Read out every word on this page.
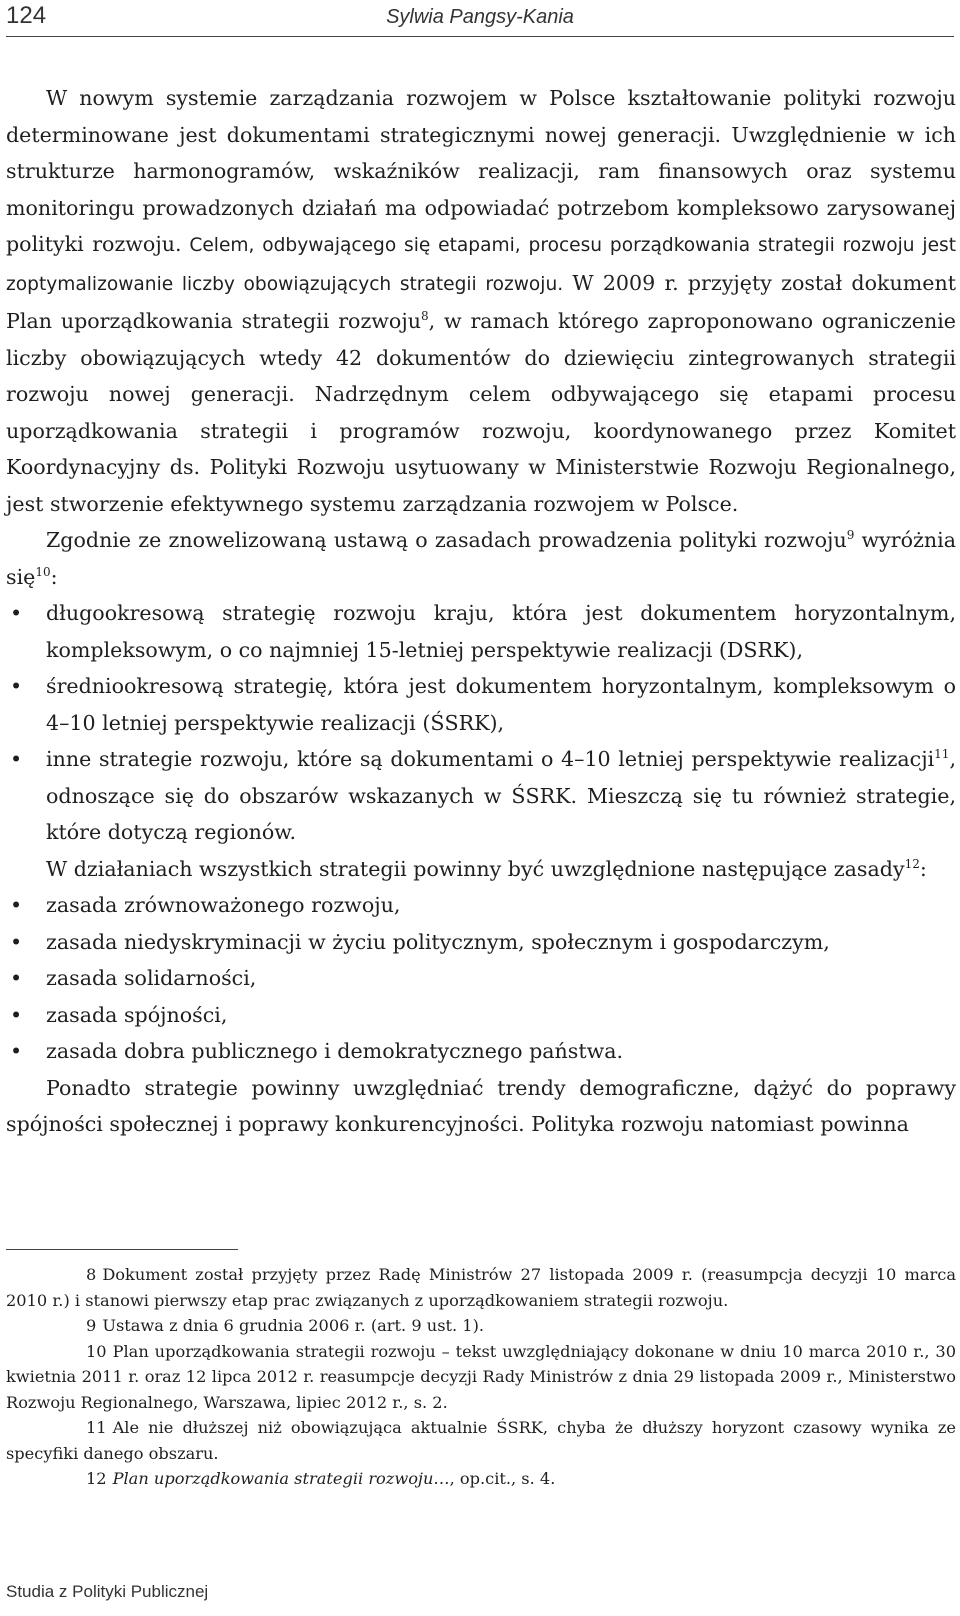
124	Sylwia Pangsy-Kania

W nowym systemie zarządzania rozwojem w Polsce kształtowanie polityki rozwoju determinowane jest dokumentami strategicznymi nowej generacji. Uwzględnienie w ich strukturze harmonogramów, wskaźników realizacji, ram finansowych oraz systemu monitoringu prowadzonych działań ma odpowiadać potrzebom kompleksowo zarysowanej polityki rozwoju. Celem, odbywającego się etapami, procesu porządkowania strategii rozwoju jest zoptymalizowanie liczby obowiązujących strategii rozwoju. W 2009 r. przyjęty został dokument Plan uporządkowania strategii rozwoju$^8$, w ramach którego zaproponowano ograniczenie liczby obowiązujących wtedy 42 dokumentów do dziewięciu zintegrowanych strategii rozwoju nowej generacji. Nadrzędnym celem odbywającego się etapami procesu uporządkowania strategii i programów rozwoju, koordynowanego przez Komitet Koordynacyjny ds. Polityki Rozwoju usytuowany w Ministerstwie Rozwoju Regionalnego, jest stworzenie efektywnego systemu zarządzania rozwojem w Polsce.

Zgodnie ze znowelizowaną ustawą o zasadach prowadzenia polityki rozwoju$^9$ wyróżnia się$^{10}$:

• długookresową strategię rozwoju kraju, która jest dokumentem horyzontalnym, kompleksowym, o co najmniej 15-letniej perspektywie realizacji (DSRK),
• średniookresową strategię, która jest dokumentem horyzontalnym, kompleksowym o 4–10 letniej perspektywie realizacji (ŚSRK),
• inne strategie rozwoju, które są dokumentami o 4–10 letniej perspektywie realizacji$^{11}$, odnoszące się do obszarów wskazanych w ŚSRK. Mieszczą się tu również strategie, które dotyczą regionów.

W działaniach wszystkich strategii powinny być uwzględnione następujące zasady$^{12}$:

• zasada zrównoważonego rozwoju,
• zasada niedyskryminacji w życiu politycznym, społecznym i gospodarczym,
• zasada solidarności,
• zasada spójności,
• zasada dobra publicznego i demokratycznego państwa.

Ponadto strategie powinny uwzględniać trendy demograficzne, dążyć do poprawy spójności społecznej i poprawy konkurencyjności. Polityka rozwoju natomiast powinna

8 Dokument został przyjęty przez Radę Ministrów 27 listopada 2009 r. (reasumpcja decyzji 10 marca 2010 r.) i stanowi pierwszy etap prac związanych z uporządkowaniem strategii rozwoju.
9 Ustawa z dnia 6 grudnia 2006 r. (art. 9 ust. 1).
10 Plan uporządkowania strategii rozwoju – tekst uwzględniający dokonane w dniu 10 marca 2010 r., 30 kwietnia 2011 r. oraz 12 lipca 2012 r. reasumpcje decyzji Rady Ministrów z dnia 29 listopada 2009 r., Ministerstwo Rozwoju Regionalnego, Warszawa, lipiec 2012 r., s. 2.
11 Ale nie dłuższej niż obowiązująca aktualnie ŚSRK, chyba że dłuższy horyzont czasowy wynika ze specyfiki danego obszaru.
12 Plan uporządkowania strategii rozwoju…, op.cit., s. 4.
Studia z Polityki Publicznej
